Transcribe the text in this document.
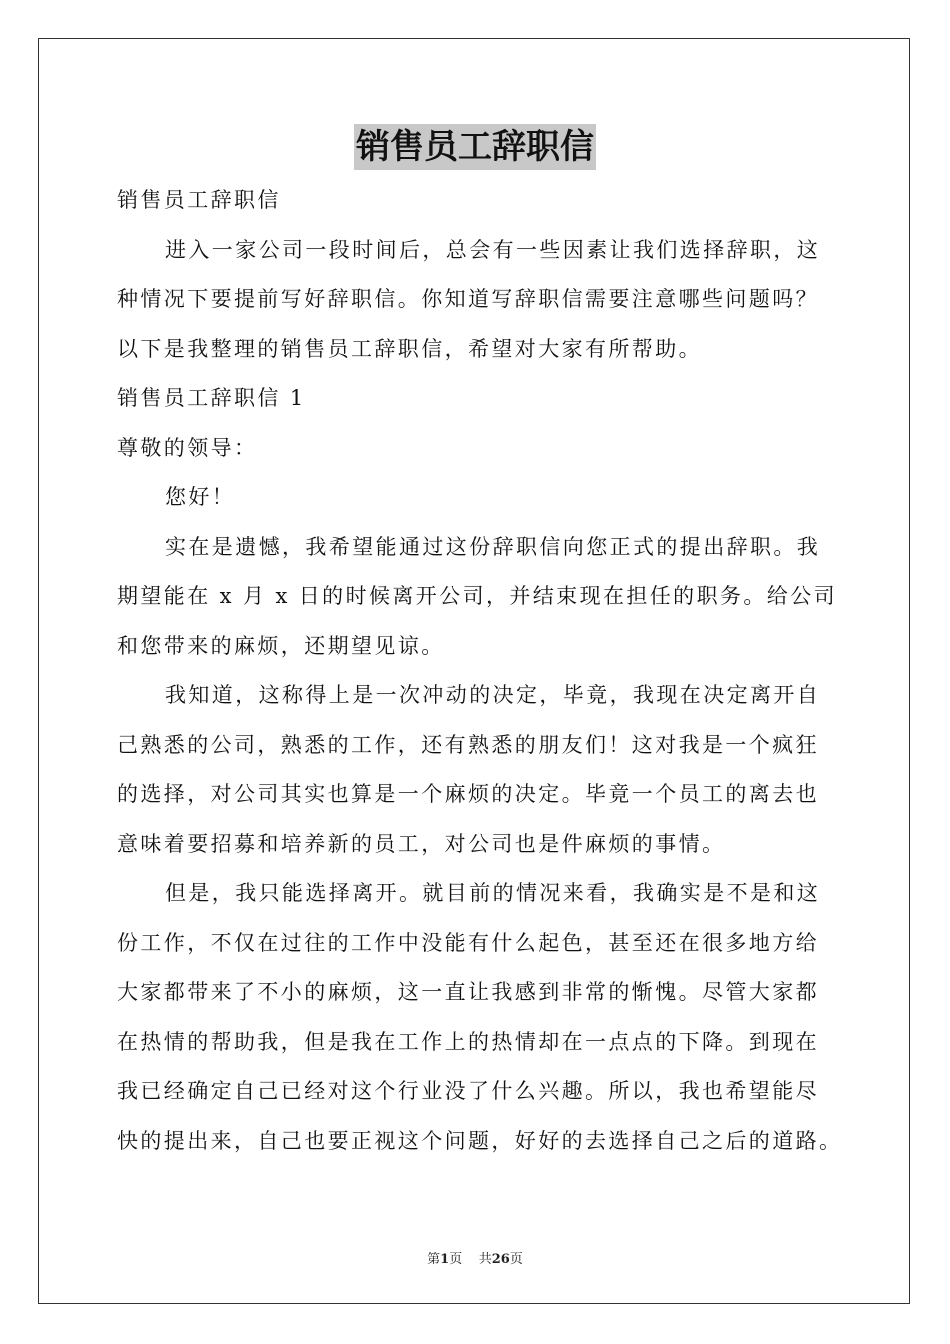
销售员工辞职信
销售员工辞职信
进入一家公司一段时间后，总会有一些因素让我们选择辞职，这
种情况下要提前写好辞职信。你知道写辞职信需要注意哪些问题吗？
以下是我整理的销售员工辞职信，希望对大家有所帮助。
销售员工辞职信 1
尊敬的领导：
您好！
实在是遗憾，我希望能通过这份辞职信向您正式的提出辞职。我
期望能在 x 月 x 日的时候离开公司，并结束现在担任的职务。给公司
和您带来的麻烦，还期望见谅。
我知道，这称得上是一次冲动的决定，毕竟，我现在决定离开自
己熟悉的公司，熟悉的工作，还有熟悉的朋友们！这对我是一个疯狂
的选择，对公司其实也算是一个麻烦的决定。毕竟一个员工的离去也
意味着要招募和培养新的员工，对公司也是件麻烦的事情。
但是，我只能选择离开。就目前的情况来看，我确实是不是和这
份工作，不仅在过往的工作中没能有什么起色，甚至还在很多地方给
大家都带来了不小的麻烦，这一直让我感到非常的惭愧。尽管大家都
在热情的帮助我，但是我在工作上的热情却在一点点的下降。到现在
我已经确定自己已经对这个行业没了什么兴趣。所以，我也希望能尽
快的提出来，自己也要正视这个问题，好好的去选择自己之后的道路。
第1页 共26页
